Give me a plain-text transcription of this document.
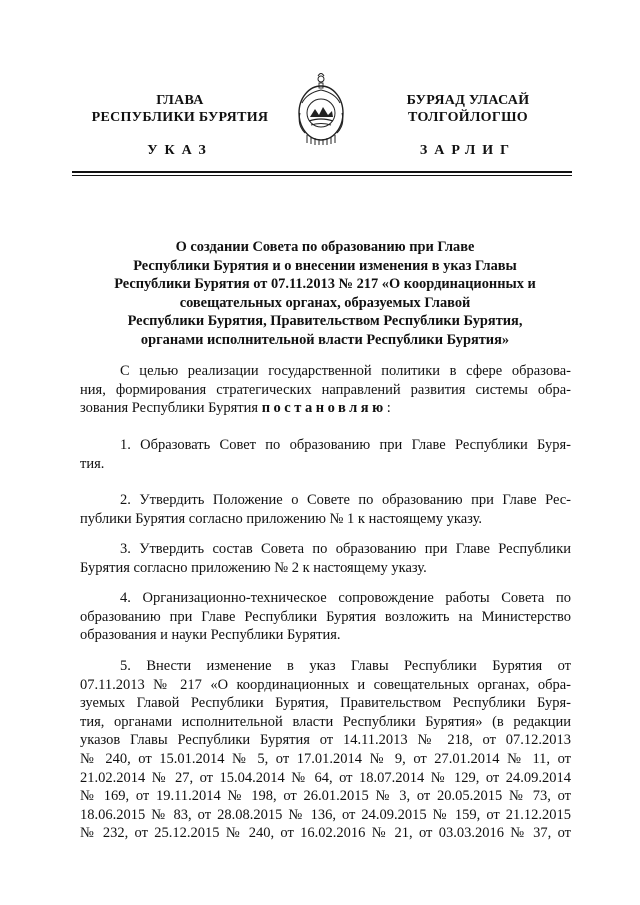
ГЛАВА
РЕСПУБЛИКИ БУРЯТИЯ
БУРЯАД УЛАСАЙ
ТОЛГОЙЛОГШО
УКАЗ	ЗАРЛИГ
О создании Совета по образованию при Главе
Республики Бурятия и о внесении изменения в указ Главы
Республики Бурятия от 07.11.2013 № 217 «О координационных и
совещательных органах, образуемых Главой
Республики Бурятия, Правительством Республики Бурятия,
органами исполнительной власти Республики Бурятия»
С целью реализации государственной политики в сфере образова-
ния, формирования стратегических направлений развития системы обра-
зования Республики Бурятия постановляю:
1. Образовать Совет по образованию при Главе Республики Буря-
тия.
2. Утвердить Положение о Совете по образованию при Главе Рес-
публики Бурятия согласно приложению № 1 к настоящему указу.
3. Утвердить состав Совета по образованию при Главе Республики
Бурятия согласно приложению № 2 к настоящему указу.
4. Организационно-техническое сопровождение работы Совета по
образованию при Главе Республики Бурятия возложить на Министерство
образования и науки Республики Бурятия.
5. Внести изменение в указ Главы Республики Бурятия от
07.11.2013 № 217 «О координационных и совещательных органах, обра-
зуемых Главой Республики Бурятия, Правительством Республики Буря-
тия, органами исполнительной власти Республики Бурятия» (в редакции
указов Главы Республики Бурятия от 14.11.2013 № 218, от 07.12.2013
№ 240, от 15.01.2014 № 5, от 17.01.2014 № 9, от 27.01.2014 № 11, от
21.02.2014 № 27, от 15.04.2014 № 64, от 18.07.2014 № 129, от 24.09.2014
№ 169, от 19.11.2014 № 198, от 26.01.2015 № 3, от 20.05.2015 № 73, от
18.06.2015 № 83, от 28.08.2015 № 136, от 24.09.2015 № 159, от 21.12.2015
№ 232, от 25.12.2015 № 240, от 16.02.2016 № 21, от 03.03.2016 № 37, от
